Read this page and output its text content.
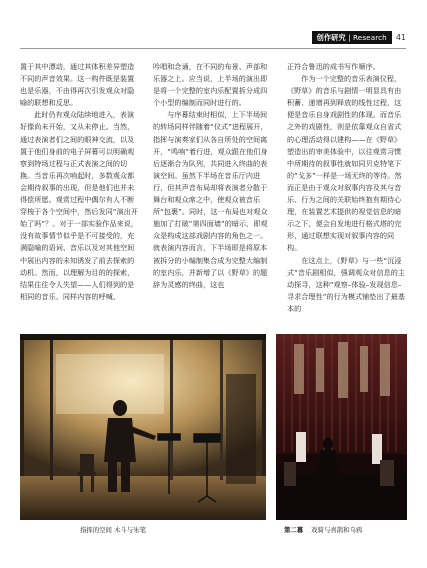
创作研究 | Research	41

置于其中漂动，通过其体积差异塑造不同的声音效果。这一构件既是装置也是乐器，不由得再次引发观众对隐喻的联想和反思。

此时仍有观众陆续地进入，表演好像尚未开始，又从未停止。当然，通过表演者们之间的眼神交流，以及置于他们身前的电子屏幕可以明确观察到特场过程与正式表演之间的切换。当音乐再次响起时，多数观众都会期待叙事的出现，但是他们也并未得偿所愿。观赏过程中偶尔有人不断穿梭于各个空间中，然后发同“演出开始了吗”？。对于一部实验作品来说，没有故事情节似乎是不可接受的，充满隐喻的语词、音乐以及对其他空间中展出内容的未知诱发了前去探索的动机。然而，以理解为目的的探索，结果往往令人失望——人们得到的是相同的音乐、同样内容的呼喊、

吟唱和念诵，在不同的布景、声部和乐器之上。应当说，上半场的演出即是将一个完整的室内乐配置拆分成四个小型的编制而同时进行的。

与序幕结束时相似，上下半场间的转场同样伴随着“仪式”进程展开，指挥与演奏家们从各自所处的空间离开，“鸣响”着行进，观众跟在他们身后逐渐合为队列，共同进入终曲的表演空间。虽然下半场在音乐厅内进行，但其声音布局却将表演者分散于舞台和观众席之中，使观众被音乐所“包裹”。同时，这一布局也对观众施加了打破“第四面墙”的暗示，即观众是构成这部戏剧内容的角色之一。就表演内容而言，下半场即是将原本被拆分的小编制集合成为完整大编制的室内乐，并新增了以《野草》的题辞为灵感的终曲，这也

正符合鲁迅的成书写作顺序。

作为一个完整的音乐表演仪程，《野草》的音乐与剧情一明显具有由积蓄、递增再到释放的线性过程，这便是音乐自身戏剧性的体现。而音乐之外的戏剧性，则是依靠观众自省式的心理活动得以建构——在《野草》塑造出的审美体验中，以往观赏习惯中所期待的叙事性就如同贝克特笔下的“戈多”一样是一场无终的等待。然而正是由于观众对叙事内容及其与音乐、行为之间的关联始终抱有期待心理，在装置艺术提供的视觉信息的暗示之下，便会自发地进行格式塔的完形，通过联想实现对叙事内容的同构。

在这点上，《野草》与一些“沉浸式”音乐剧相似，强调观众对信息的主动探寻，这种“观察–体验–发现信息–寻求合理性”的行为模式铺垫出了最基本的

指挥的空间 木斗与朱笔	第二幕 戏骑与喜鹊和乌鸦
